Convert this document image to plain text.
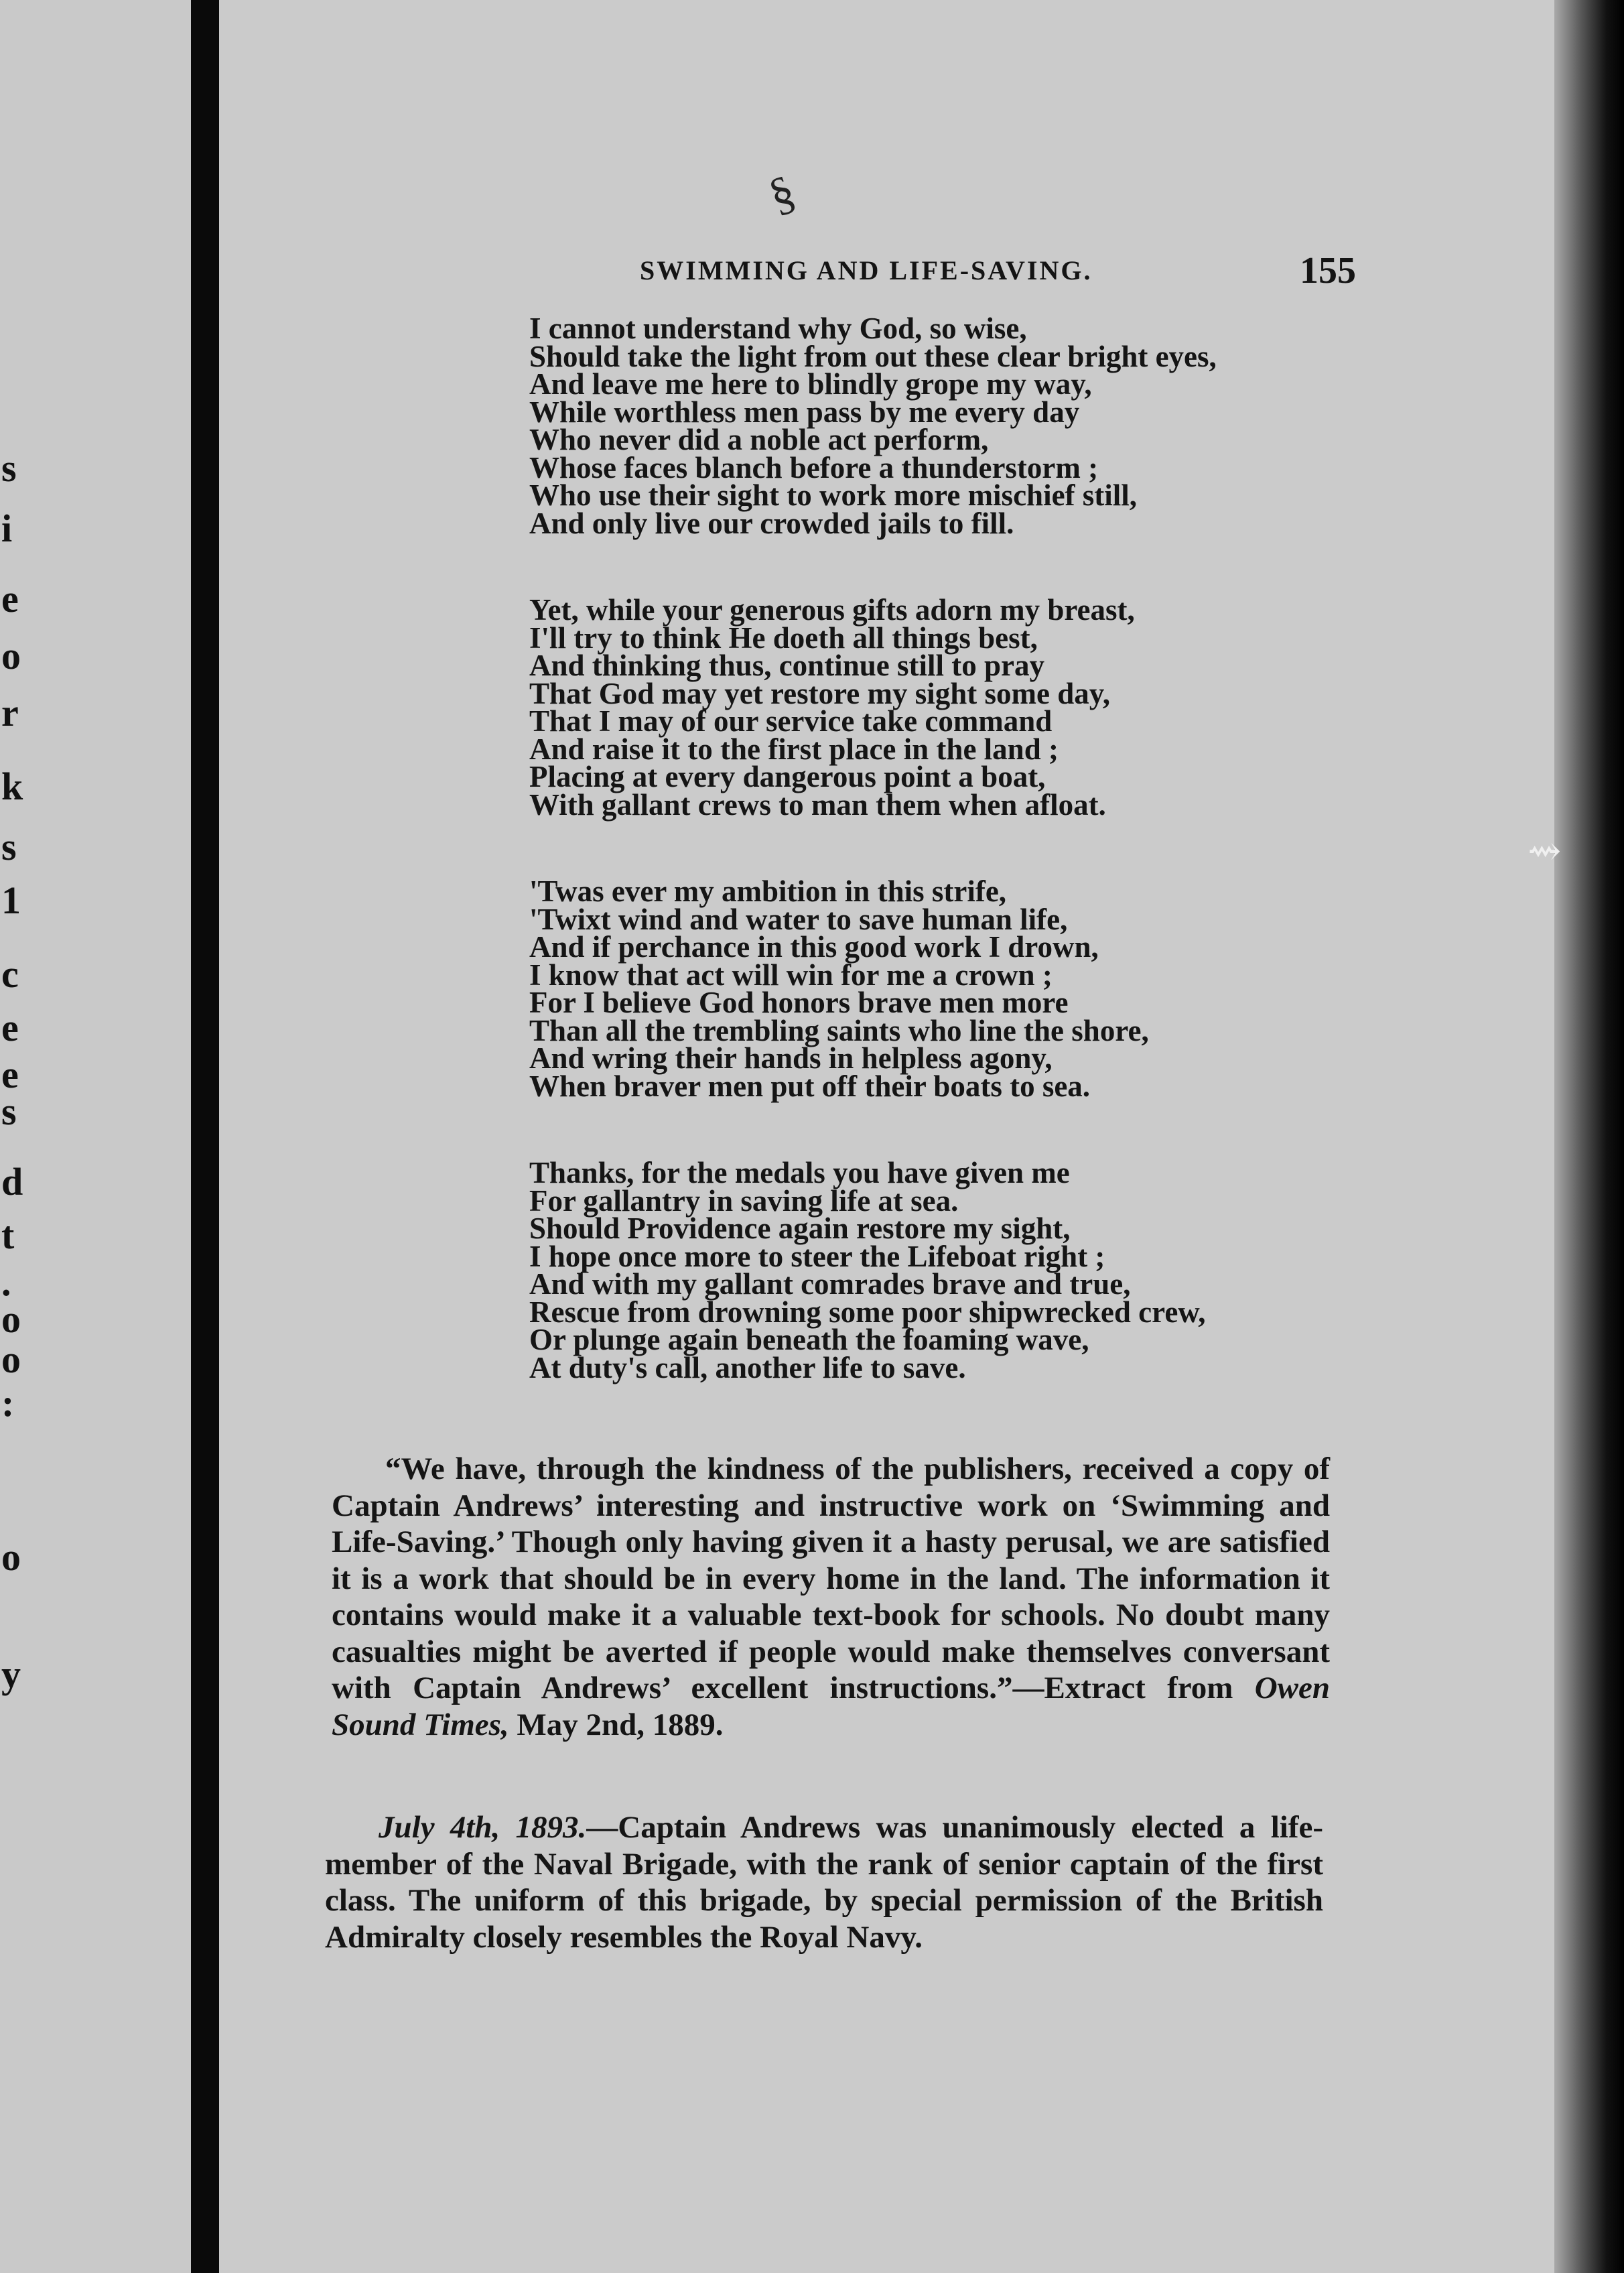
s
i
e
o
r
k
s
1
c
e
e
s
d
t
.
o
o
:
o
y
SWIMMING AND LIFE-SAVING.	155
§
⇝
I cannot understand why God, so wise,
Should take the light from out these clear bright eyes,
And leave me here to blindly grope my way,
While worthless men pass by me every day
Who never did a noble act perform,
Whose faces blanch before a thunderstorm ;
Who use their sight to work more mischief still,
And only live our crowded jails to fill.
Yet, while your generous gifts adorn my breast,
I'll try to think He doeth all things best,
And thinking thus, continue still to pray
That God may yet restore my sight some day,
That I may of our service take command
And raise it to the first place in the land ;
Placing at every dangerous point a boat,
With gallant crews to man them when afloat.
'Twas ever my ambition in this strife,
'Twixt wind and water to save human life,
And if perchance in this good work I drown,
I know that act will win for me a crown ;
For I believe God honors brave men more
Than all the trembling saints who line the shore,
And wring their hands in helpless agony,
When braver men put off their boats to sea.
Thanks, for the medals you have given me
For gallantry in saving life at sea.
Should Providence again restore my sight,
I hope once more to steer the Lifeboat right ;
And with my gallant comrades brave and true,
Rescue from drowning some poor shipwrecked crew,
Or plunge again beneath the foaming wave,
At duty's call, another life to save.
“We have, through the kindness of the publishers, received a copy of Captain Andrews’ interesting and instructive work on ‘Swimming and Life-Saving.’ Though only having given it a hasty perusal, we are satisfied it is a work that should be in every home in the land. The information it contains would make it a valuable text-book for schools. No doubt many casualties might be averted if people would make themselves conversant with Captain Andrews’ excellent instructions.”—Extract from Owen Sound Times, May 2nd, 1889.
July 4th, 1893.—Captain Andrews was unanimously elected a life-member of the Naval Brigade, with the rank of senior captain of the first class. The uniform of this brigade, by special permission of the British Admiralty closely resembles the Royal Navy.
